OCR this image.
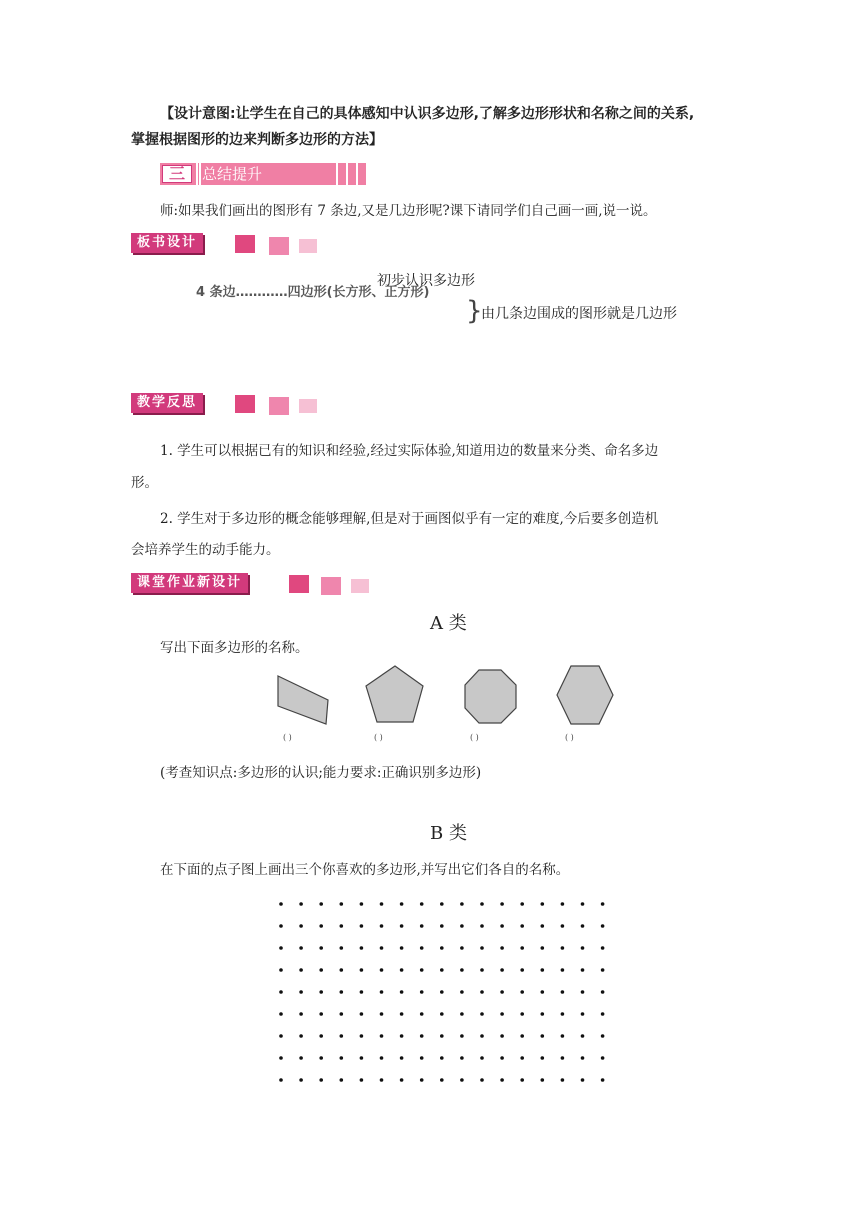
【设计意图:让学生在自己的具体感知中认识多边形,了解多边形形状和名称之间的关系,
掌握根据图形的边来判断多边形的方法】
三	总结提升
师:如果我们画出的图形有 7 条边,又是几边形呢?课下请同学们自己画一画,说一说。
板书设计
初步认识多边形
4 条边…………四边形(长方形、正方形)
}
由几条边围成的图形就是几边形
教学反思
1. 学生可以根据已有的知识和经验,经过实际体验,知道用边的数量来分类、命名多边
形。
2. 学生对于多边形的概念能够理解,但是对于画图似乎有一定的难度,今后要多创造机
会培养学生的动手能力。
课堂作业新设计
A 类
写出下面多边形的名称。
( )	( )	( )	( )
(考查知识点:多边形的认识;能力要求:正确识别多边形)
B 类
在下面的点子图上画出三个你喜欢的多边形,并写出它们各自的名称。
